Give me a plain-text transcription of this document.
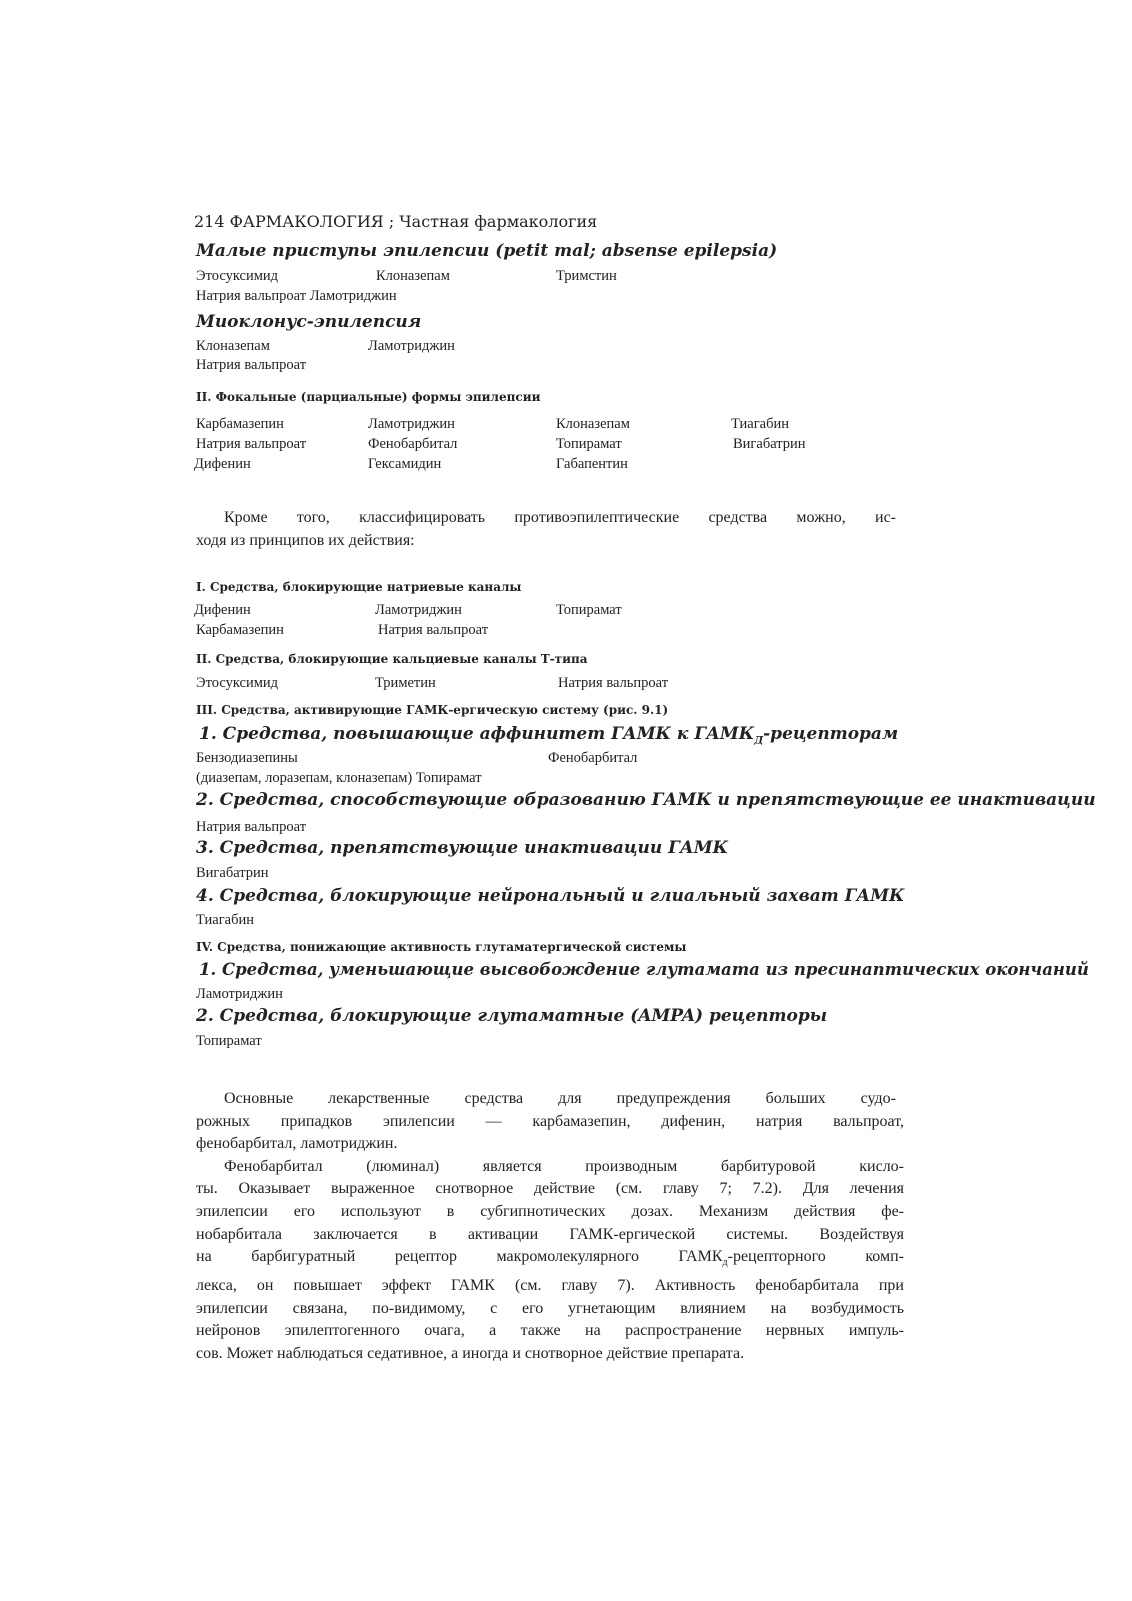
214 ФАРМАКОЛОГИЯ ; Частная фармакология
Малые приступы эпилепсии (petit mal; absense epilepsia)
Этосуксимид	Клоназепам	Тримстин
Натрия вальпроат Ламотриджин
Миоклонус-эпилепсия
Клоназепам	Ламотриджин
Натрия вальпроат
II. Фокальные (парциальные) формы эпилепсии
Карбамазепин	Ламотриджин	Клоназепам	Тиагабин
Натрия вальпроат	Фенобарбитал	Топирамат	Вигабатрин
Дифенин	Гексамидин	Габапентин

Кроме того, классифицировать противоэпилептические средства можно, ис-

ходя из принципов их действия:

I. Средства, блокирующие натриевые каналы
Дифенин	Ламотриджин	Топирамат
Карбамазепин	Натрия вальпроат
II. Средства, блокирующие кальциевые каналы Т-типа
Этосуксимид	Триметин	Натрия вальпроат
III. Средства, активирующие ГАМК-ергическую систему (рис. 9.1)
1. Средства, повышающие аффинитет ГАМК к $ГАМК_Д$-рецепторам
Бензодиазепины	Фенобарбитал
(диазепам, лоразепам, клоназепам) Топирамат
2. Средства, способствующие образованию ГАМК и препятствующие ее инактивации
Натрия вальпроат
3. Средства, препятствующие инактивации ГАМК
Вигабатрин
4. Средства, блокирующие нейрональный и глиальный захват ГАМК
Тиагабин
IV. Средства, понижающие активность глутаматергической системы
1. Средства, уменьшающие высвобождение глутамата из пресинаптических окончаний
Ламотриджин
2. Средства, блокирующие глутаматные (AMPA) рецепторы
Топирамат

Основные лекарственные средства для предупреждения больших судо-

рожных припадков эпилепсии — карбамазепин, дифенин, натрия вальпроат,

фенобарбитал, ламотриджин.

Фенобарбитал (люминал) является производным барбитуровой кисло-

ты. Оказывает выраженное снотворное действие (см. главу 7; 7.2). Для лечения

эпилепсии его используют в субгипнотических дозах. Механизм действия фе-

нобарбитала заключается в активации ГАМК-ергической системы. Воздействуя

на барбигуратный рецептор макромолекулярного $ГАМК_д$-рецепторного комп-

лекса, он повышает эффект ГАМК (см. главу 7). Активность фенобарбитала при

эпилепсии связана, по-видимому, с его угнетающим влиянием на возбудимость

нейронов эпилептогенного очага, а также на распространение нервных импуль-

сов. Может наблюдаться седативное, а иногда и снотворное действие препарата.
